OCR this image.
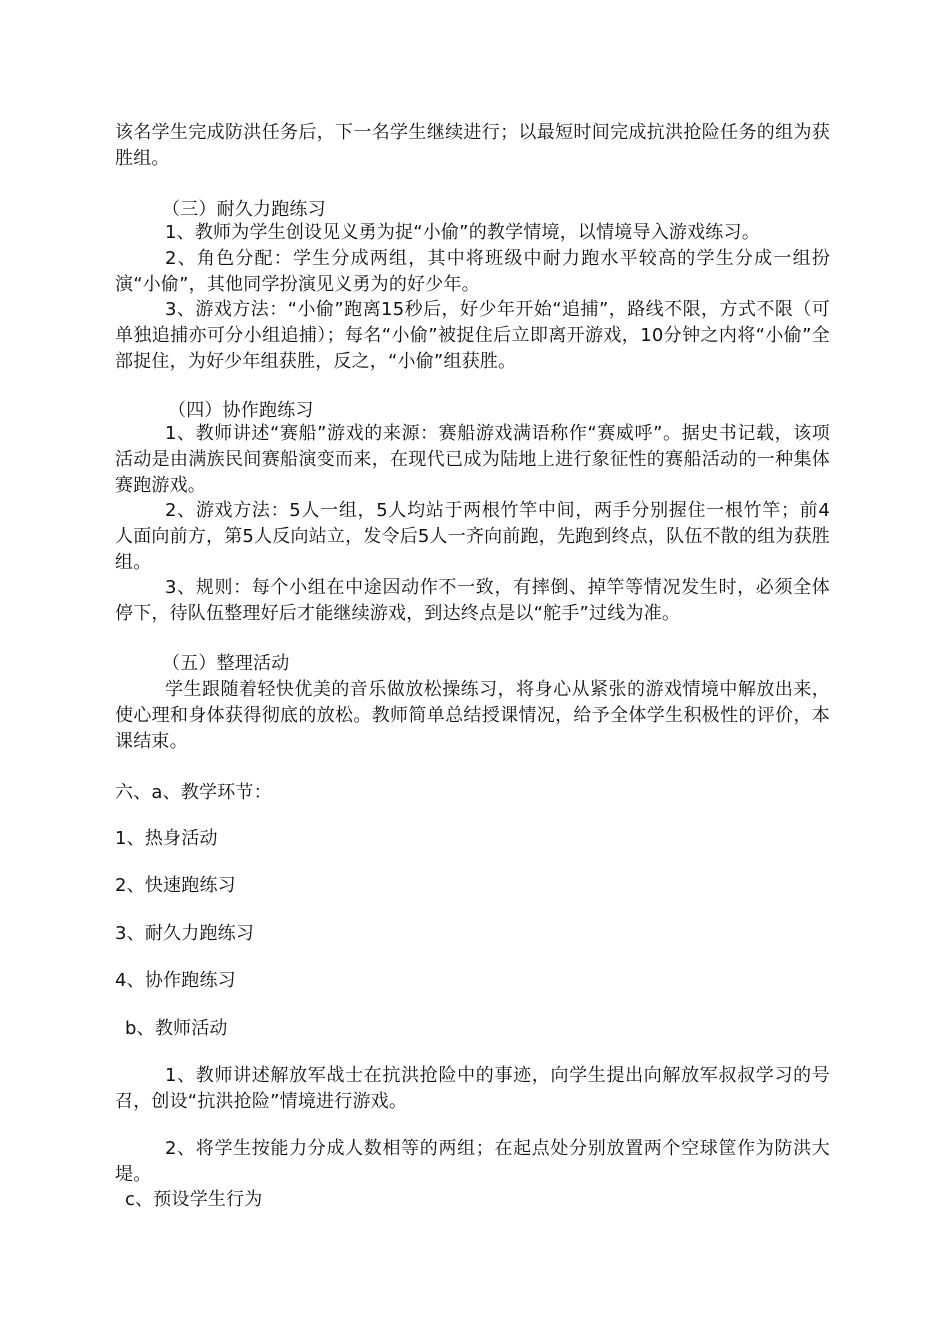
该名学生完成防洪任务后，下一名学生继续进行；以最短时间完成抗洪抢险任务的组为获胜组。

（三）耐久力跑练习

1、教师为学生创设见义勇为捉“小偷”的教学情境，以情境导入游戏练习。

2、角色分配：学生分成两组，其中将班级中耐力跑水平较高的学生分成一组扮演“小偷”，其他同学扮演见义勇为的好少年。

3、游戏方法：“小偷”跑离15秒后，好少年开始“追捕”，路线不限，方式不限（可单独追捕亦可分小组追捕）；每名“小偷”被捉住后立即离开游戏，10分钟之内将“小偷”全部捉住，为好少年组获胜，反之，“小偷”组获胜。

（四）协作跑练习

1、教师讲述“赛船”游戏的来源：赛船游戏满语称作“赛威呼”。据史书记载，该项活动是由满族民间赛船演变而来，在现代已成为陆地上进行象征性的赛船活动的一种集体赛跑游戏。

2、游戏方法：5人一组，5人均站于两根竹竿中间，两手分别握住一根竹竿；前4人面向前方，第5人反向站立，发令后5人一齐向前跑，先跑到终点，队伍不散的组为获胜组。

3、规则：每个小组在中途因动作不一致，有摔倒、掉竿等情况发生时，必须全体停下，待队伍整理好后才能继续游戏，到达终点是以“舵手”过线为准。

（五）整理活动

学生跟随着轻快优美的音乐做放松操练习，将身心从紧张的游戏情境中解放出来，使心理和身体获得彻底的放松。教师简单总结授课情况，给予全体学生积极性的评价，本课结束。

六、a、教学环节：

1、热身活动

2、快速跑练习

3、耐久力跑练习

4、协作跑练习

b、教师活动

1、教师讲述解放军战士在抗洪抢险中的事迹，向学生提出向解放军叔叔学习的号召，创设“抗洪抢险”情境进行游戏。

2、将学生按能力分成人数相等的两组；在起点处分别放置两个空球筐作为防洪大堤。

c、预设学生行为
